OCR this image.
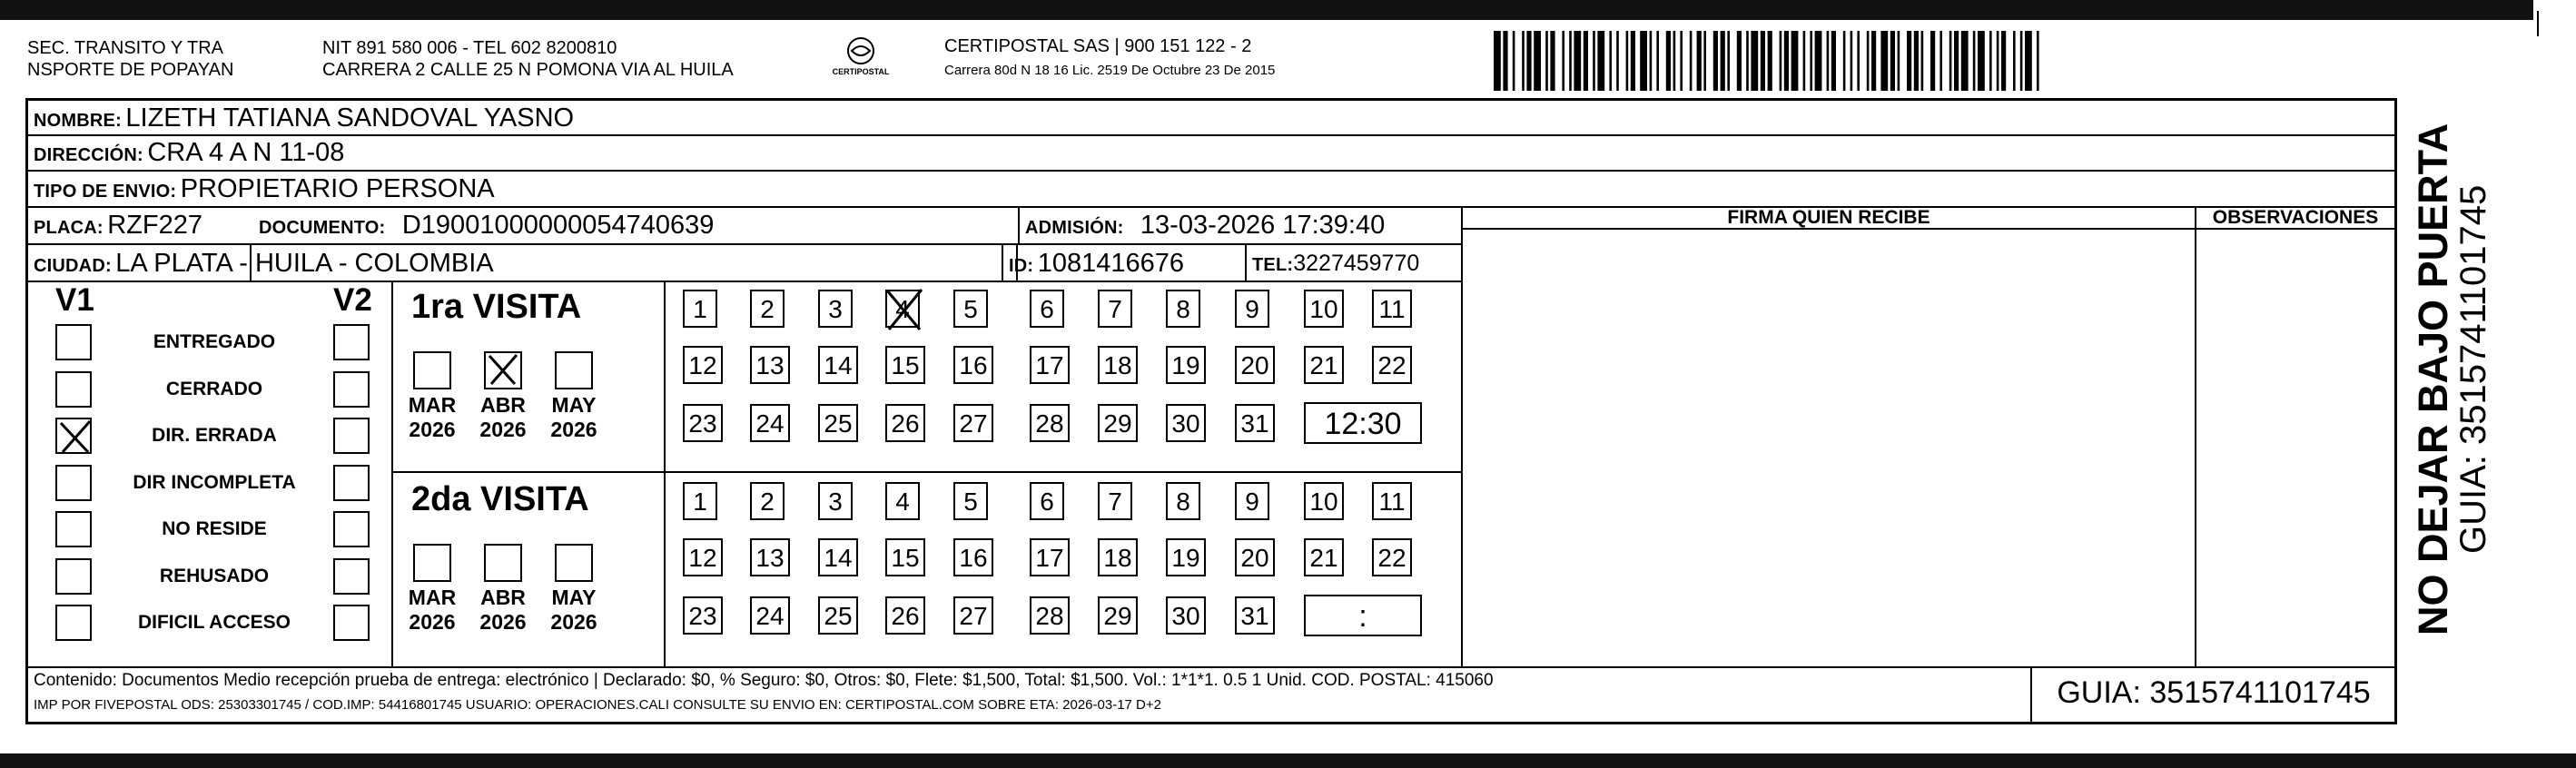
SEC. TRANSITO Y TRA
NSPORTE DE POPAYAN
NIT 891 580 006 - TEL 602 8200810
CARRERA 2 CALLE 25 N POMONA VIA AL HUILA	CERTIPOSTAL
CERTIPOSTAL SAS | 900 151 122 - 2
Carrera 80d N 18 16 Lic. 2519 De Octubre 23 De 2015
NOMBRE: LIZETH TATIANA SANDOVAL YASNO
DIRECCIÓN: CRA 4 A N 11-08
TIPO DE ENVIO: PROPIETARIO PERSONA
PLACA: RZF227	DOCUMENTO: D19001000000054740639	ADMISIÓN: 13-03-2026 17:39:40
CIUDAD: LA PLATA - HUILA - COLOMBIA	ID: 1081416676	TEL:3227459770
FIRMA QUIEN RECIBE	OBSERVACIONES
V1	V2
ENTREGADO
CERRADO
DIR. ERRADA
DIR INCOMPLETA
NO RESIDE
REHUSADO
DIFICIL ACCESO
1ra VISITA
2da VISITA
MAR
2026
ABR
2026
MAY
2026
1	2	3	4	5	6	7	8	9	10 11
12 13 14 15 16 17 18 19 20 21 22
23 24 25 26 27 28 29 30 31	12:30
MAR
2026
ABR
2026
MAY
2026
1	2	3	4	5	6	7	8	9	10 11
12 13 14 15 16 17 18 19 20 21 22
23 24 25 26 27 28 29 30 31	:
Contenido: Documentos Medio recepción prueba de entrega: electrónico | Declarado: $0, % Seguro: $0, Otros: $0, Flete: $1,500, Total: $1,500. Vol.: 1*1*1. 0.5 1 Unid. COD. POSTAL: 415060
IMP POR FIVEPOSTAL ODS: 25303301745 / COD.IMP: 54416801745 USUARIO: OPERACIONES.CALI CONSULTE SU ENVIO EN: CERTIPOSTAL.COM SOBRE ETA: 2026-03-17 D+2	GUIA: 3515741101745
NO DEJAR BAJO PUERTA
GUIA: 3515741101745
